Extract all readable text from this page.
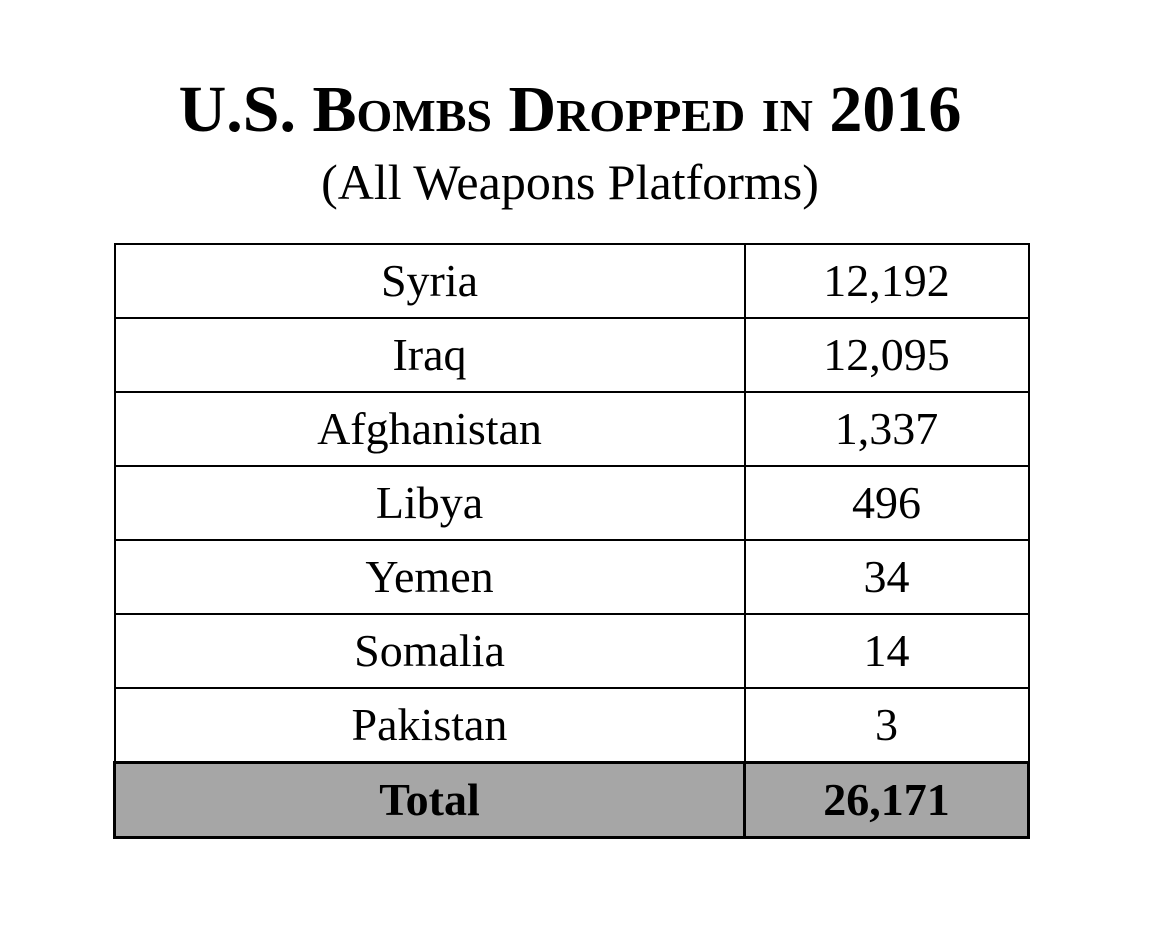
U.S. Bombs Dropped in 2016
(All Weapons Platforms)
Syria	12,192
Iraq	12,095
Afghanistan	1,337
Libya	496
Yemen	34
Somalia	14
Pakistan	3
Total	26,171
